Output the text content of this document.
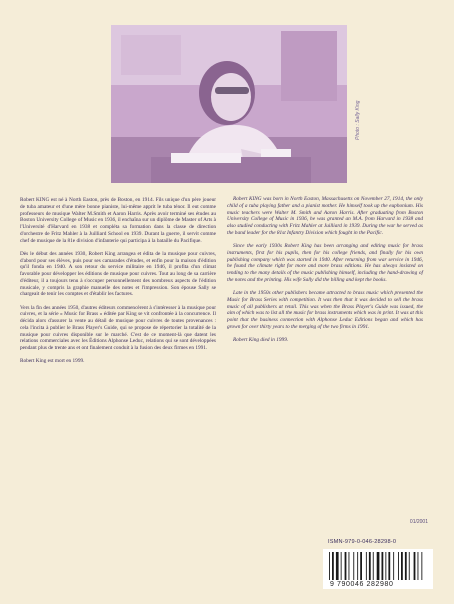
Photo : Sally King

Robert KING est né à North Easton, près de Boston, en 1914. Fils unique d'un père joueur de tuba amateur et d'une mère bonne pianiste, lui-même apprit le tuba ténor. Il eut comme professeurs de musique Walter M.Smith et Aaron Harris. Après avoir terminé ses études au Boston University College of Music en 1936, il enchaîna sur un diplôme de Master of Arts à l'Université d'Harvard en 1938 et compléta sa formation dans la classe de direction d'orchestre de Fritz Mahler à la Juilliard School en 1939. Durant la guerre, il servit comme chef de musique de la 81e division d'infanterie qui participa à la bataille du Pacifique.

Dès le début des années 1930, Robert King arrangea et édita de la musique pour cuivres, d'abord pour ses élèves, puis pour ses camarades d'études, et enfin pour la maison d'édition qu'il fonda en 1940. A son retour du service militaire en 1946, il profita d'un climat favorable pour développer les éditions de musique pour cuivres. Tout au long de sa carrière d'éditeur, il a toujours tenu à s'occuper personnellement des nombreux aspects de l'édition musicale, y compris la graphie manuelle des notes et l'impression. Son épouse Sally se chargeait de tenir les comptes et d'établir les factures.

Vers la fin des années 1950, d'autres éditeurs commencèrent à s'intéresser à la musique pour cuivres, et la série « Music for Brass » éditée par King se vit confrontée à la concurrence. Il décida alors d'assurer la vente au détail de musique pour cuivres de toutes provenances : cela l'incita à publier le Brass Player's Guide, qui se propose de répertorier la totalité de la musique pour cuivres disponible sur le marché. C'est de ce moment-là que datent les relations commerciales avec les Éditions Alphonse Leduc, relations qui se sont développées pendant plus de trente ans et ont finalement conduit à la fusion des deux firmes en 1991.

Robert King est mort en 1999.

Robert KING was born in North Easton, Massachusetts on November 27, 1914, the only child of a tuba playing father and a pianist mother. He himself took up the euphonium. His music teachers were Walter M. Smith and Aaron Harris. After graduating from Boston University College of Music in 1936, he was granted an M.A. from Harvard in 1938 and also studied conducting with Fritz Mahler at Juilliard in 1939. During the war he served as the band leader for the 81st Infantry Division which fought in the Pacific.

Since the early 1930s Robert King has been arranging and editing music for brass instruments, first for his pupils, then for his college friends, and finally for his own publishing company which was started in 1940. After returning from war service in 1946, he found the climate right for more and more brass editions. He has always insisted on tending to the many details of the music publishing himself, including the hand-drawing of the notes and the printing. His wife Sally did the billing and kept the books.

Late in the 1950s other publishers became attracted to brass music which presented the Music for Brass Series with competition. It was then that it was decided to sell the brass music of all publishers at retail. This was when the Brass Player's Guide was issued, the aim of which was to list all the music for brass instruments which was in print. It was at this point that the business connection with Alphonse Leduc Editions began and which has grown for over thirty years to the merging of the two firms in 1991.

Robert King died in 1999.

01/2001
ISMN-979-0-046-28298-0
9 790046 282980
